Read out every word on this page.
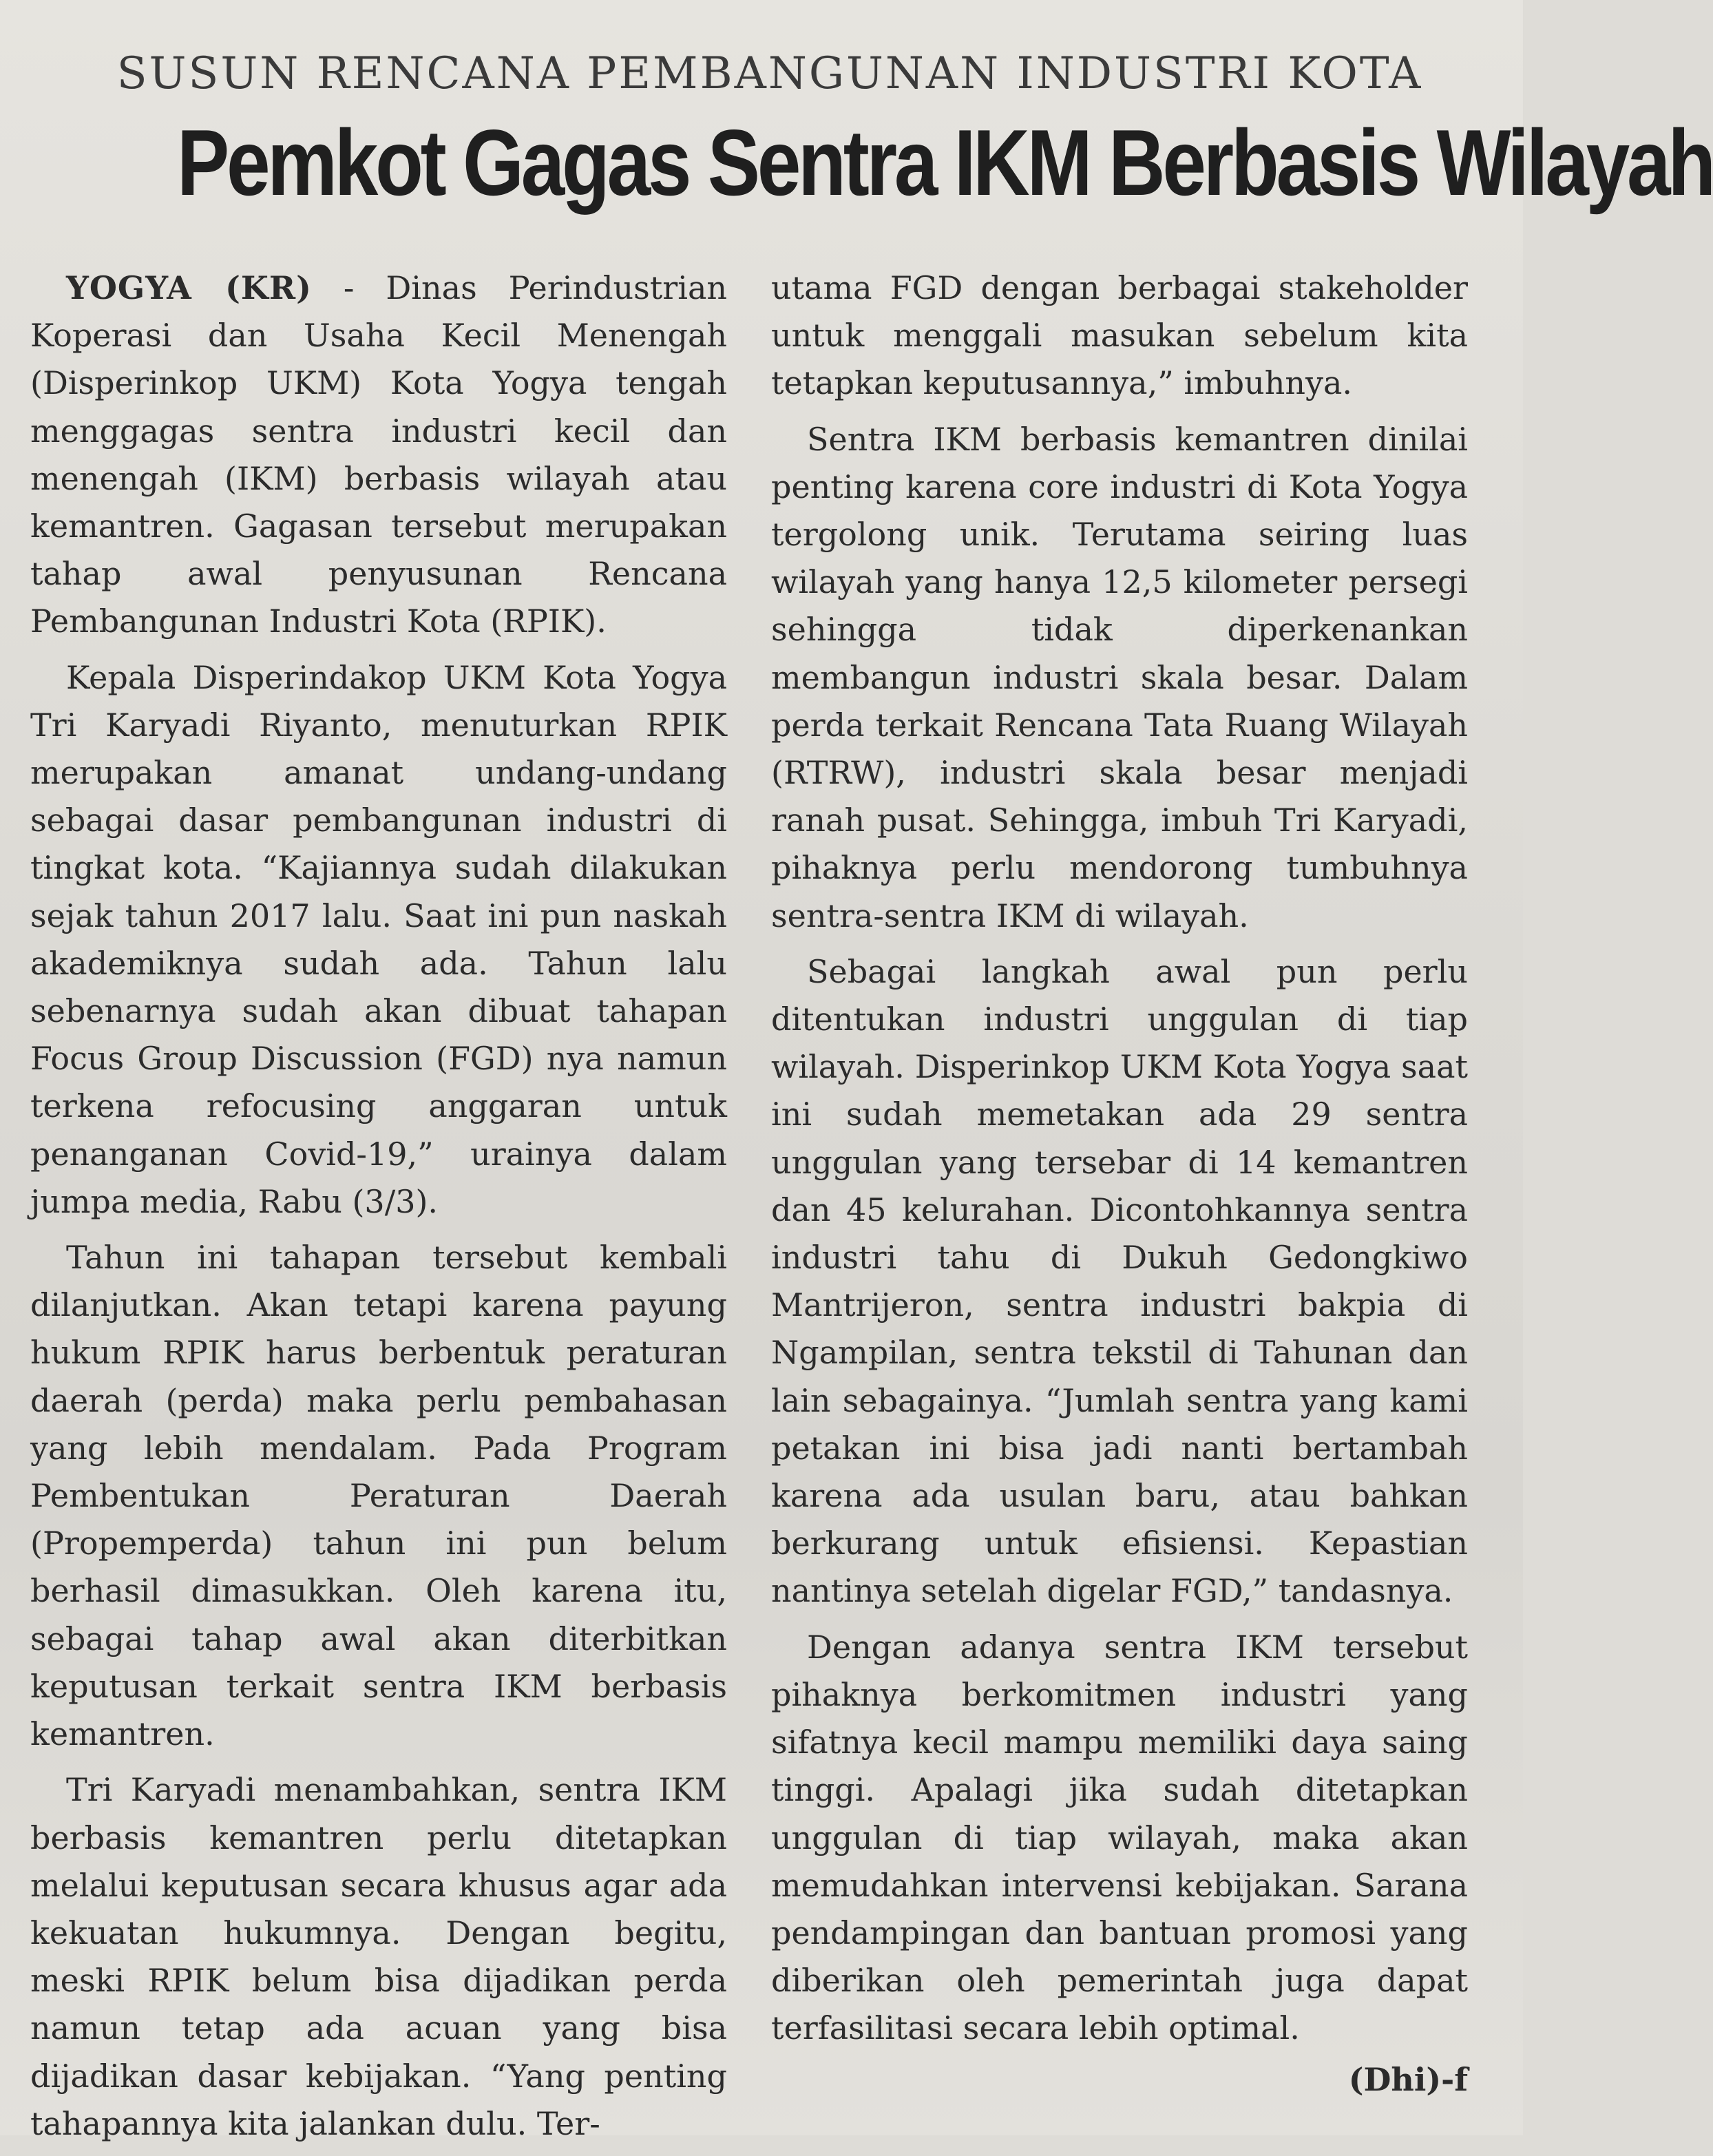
SUSUN RENCANA PEMBANGUNAN INDUSTRI KOTA
Pemkot Gagas Sentra IKM Berbasis Wilayah

YOGYA (KR) - Dinas Perindustrian Koperasi dan Usaha Kecil Menengah (Disperinkop UKM) Kota Yogya tengah menggagas sentra industri kecil dan menengah (IKM) berbasis wilayah atau kemantren. Gagasan tersebut merupakan tahap awal penyusunan Rencana Pembangunan Industri Kota (RPIK).

Kepala Disperindakop UKM Kota Yogya Tri Karyadi Riyanto, menuturkan RPIK merupakan amanat undang-undang sebagai dasar pembangunan industri di tingkat kota. “Kajiannya sudah dilakukan sejak tahun 2017 lalu. Saat ini pun naskah akademiknya sudah ada. Tahun lalu sebenarnya sudah akan dibuat tahapan Focus Group Discussion (FGD) nya namun terkena refocusing anggaran untuk penanganan Covid-19,” urainya dalam jumpa media, Rabu (3/3).

Tahun ini tahapan tersebut kembali dilanjutkan. Akan tetapi karena payung hukum RPIK harus berbentuk peraturan daerah (perda) maka perlu pembahasan yang lebih mendalam. Pada Program Pembentukan Peraturan Daerah (Propemperda) tahun ini pun belum berhasil dimasukkan. Oleh karena itu, sebagai tahap awal akan diterbitkan keputusan terkait sentra IKM berbasis kemantren.

Tri Karyadi menambahkan, sentra IKM berbasis kemantren perlu ditetapkan melalui keputusan secara khusus agar ada kekuatan hukumnya. Dengan begitu, meski RPIK belum bisa dijadikan perda namun tetap ada acuan yang bisa dijadikan dasar kebijakan. “Yang penting tahapannya kita jalankan dulu. Ter-

utama FGD dengan berbagai stakeholder untuk menggali masukan sebelum kita tetapkan keputusannya,” imbuhnya.

Sentra IKM berbasis kemantren dinilai penting karena core industri di Kota Yogya tergolong unik. Terutama seiring luas wilayah yang hanya 12,5 kilometer persegi sehingga tidak diperkenankan membangun industri skala besar. Dalam perda terkait Rencana Tata Ruang Wilayah (RTRW), industri skala besar menjadi ranah pusat. Sehingga, imbuh Tri Karyadi, pihaknya perlu mendorong tumbuhnya sentra-sentra IKM di wilayah.

Sebagai langkah awal pun perlu ditentukan industri unggulan di tiap wilayah. Disperinkop UKM Kota Yogya saat ini sudah memetakan ada 29 sentra unggulan yang tersebar di 14 kemantren dan 45 kelurahan. Dicontohkannya sentra industri tahu di Dukuh Gedongkiwo Mantrijeron, sentra industri bakpia di Ngampilan, sentra tekstil di Tahunan dan lain sebagainya. “Jumlah sentra yang kami petakan ini bisa jadi nanti bertambah karena ada usulan baru, atau bahkan berkurang untuk efisiensi. Kepastian nantinya setelah digelar FGD,” tandasnya.

Dengan adanya sentra IKM tersebut pihaknya berkomitmen industri yang sifatnya kecil mampu memiliki daya saing tinggi. Apalagi jika sudah ditetapkan unggulan di tiap wilayah, maka akan memudahkan intervensi kebijakan. Sarana pendampingan dan bantuan promosi yang diberikan oleh pemerintah juga dapat terfasilitasi secara lebih optimal.

(Dhi)-f
